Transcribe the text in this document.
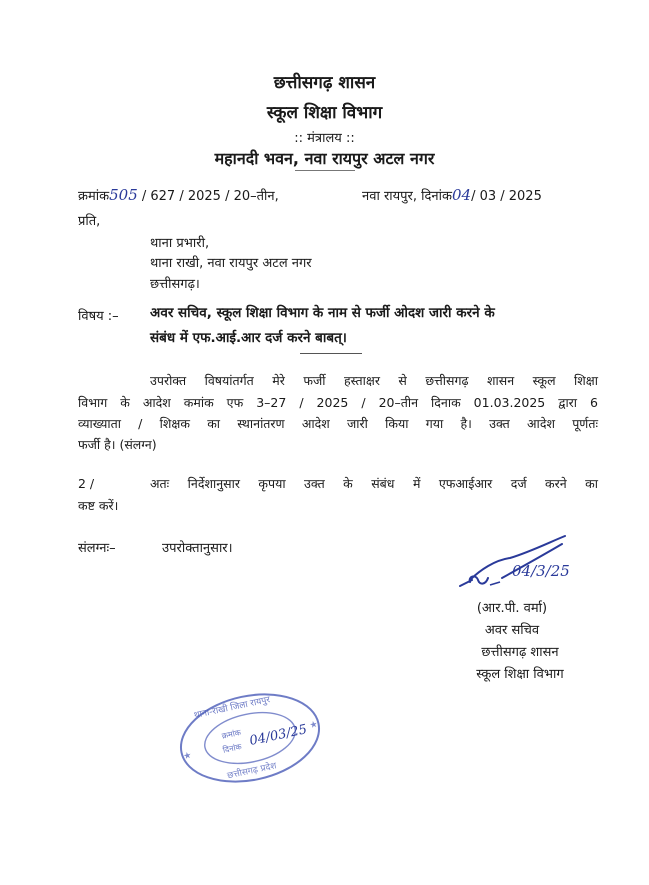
छत्तीसगढ़ शासन
स्कूल शिक्षा विभाग
:: मंत्रालय ::
महानदी भवन, नवा रायपुर अटल नगर
क्रमांक505 / 627 / 2025 / 20–तीन,	नवा रायपुर, दिनांक04/ 03 / 2025
प्रति,
थाना प्रभारी,
थाना राखी, नवा रायपुर अटल नगर
छत्तीसगढ़।
विषय :– अवर सचिव, स्कूल शिक्षा विभाग के नाम से फर्जी ओदश जारी करने के
संबंध में एफ.आई.आर दर्ज करने बाबत्।
उपरोक्त विषयांतर्गत मेरे फर्जी हस्ताक्षर से छत्तीसगढ़ शासन स्कूल शिक्षा
विभाग के आदेश कमांक एफ 3–27 / 2025 / 20–तीन दिनाक 01.03.2025 द्वारा 6
व्याख्याता / शिक्षक का स्थानांतरण आदेश जारी किया गया है। उक्त आदेश पूर्णतः
फर्जी है। (संलग्न)
2 /	अतः निर्देशानुसार कृपया उक्त के संबंध में एफआईआर दर्ज करने का
कष्ट करें।
संलग्नः–	उपरोक्तानुसार।
04/3/25
(आर.पी. वर्मा)
अवर सचिव
छत्तीसगढ़ शासन
स्कूल शिक्षा विभाग
थाना-राखी जिला रायपुर
क्रमांक
दिनांक 04/03/25
छत्तीसगढ़ प्रदेश
★
★
